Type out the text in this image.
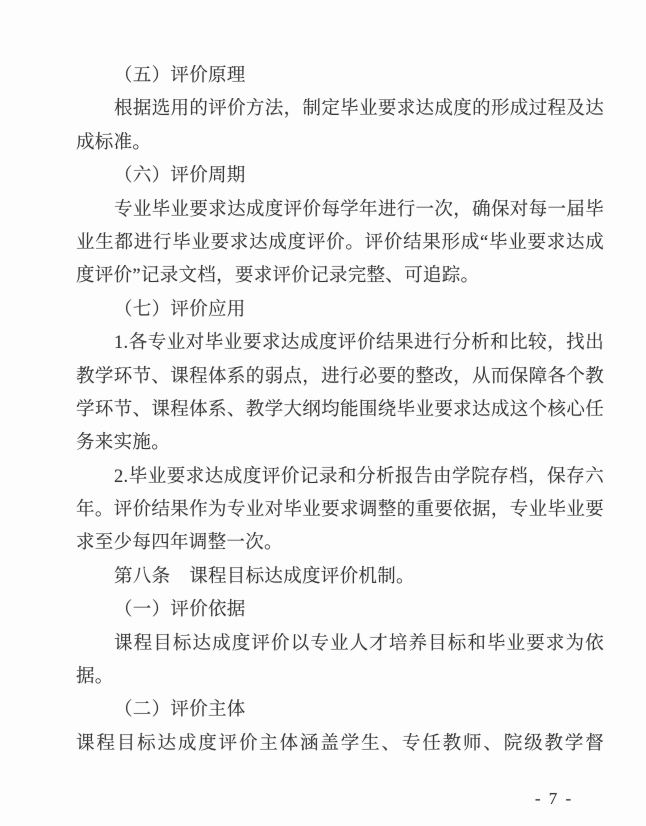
（五）评价原理
根据选用的评价方法，制定毕业要求达成度的形成过程及达
成标准。
（六）评价周期
专业毕业要求达成度评价每学年进行一次，确保对每一届毕
业生都进行毕业要求达成度评价。评价结果形成“毕业要求达成
度评价”记录文档，要求评价记录完整、可追踪。
（七）评价应用
1.各专业对毕业要求达成度评价结果进行分析和比较，找出
教学环节、课程体系的弱点，进行必要的整改，从而保障各个教
学环节、课程体系、教学大纲均能围绕毕业要求达成这个核心任
务来实施。
2.毕业要求达成度评价记录和分析报告由学院存档，保存六
年。评价结果作为专业对毕业要求调整的重要依据，专业毕业要
求至少每四年调整一次。
第八条　课程目标达成度评价机制。
（一）评价依据
课程目标达成度评价以专业人才培养目标和毕业要求为依
据。
（二）评价主体
课程目标达成度评价主体涵盖学生、专任教师、院级教学督
- 7 -
